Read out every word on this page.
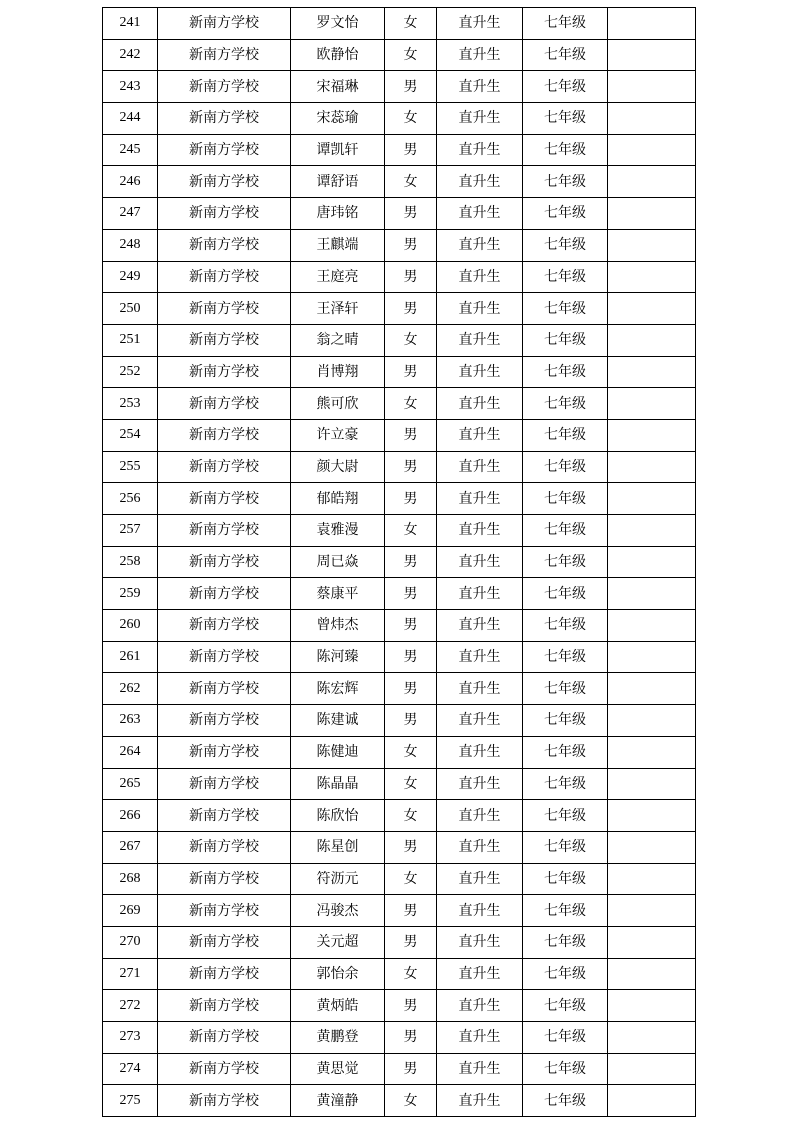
241	新南方学校	罗文怡	女	直升生	七年级	
242	新南方学校	欧静怡	女	直升生	七年级	
243	新南方学校	宋福琳	男	直升生	七年级	
244	新南方学校	宋蕊瑜	女	直升生	七年级	
245	新南方学校	谭凯轩	男	直升生	七年级	
246	新南方学校	谭舒语	女	直升生	七年级	
247	新南方学校	唐玮铭	男	直升生	七年级	
248	新南方学校	王麒端	男	直升生	七年级	
249	新南方学校	王庭亮	男	直升生	七年级	
250	新南方学校	王泽轩	男	直升生	七年级	
251	新南方学校	翁之晴	女	直升生	七年级	
252	新南方学校	肖博翔	男	直升生	七年级	
253	新南方学校	熊可欣	女	直升生	七年级	
254	新南方学校	许立豪	男	直升生	七年级	
255	新南方学校	颜大尉	男	直升生	七年级	
256	新南方学校	郁皓翔	男	直升生	七年级	
257	新南方学校	袁雅漫	女	直升生	七年级	
258	新南方学校	周已焱	男	直升生	七年级	
259	新南方学校	蔡康平	男	直升生	七年级	
260	新南方学校	曾炜杰	男	直升生	七年级	
261	新南方学校	陈河臻	男	直升生	七年级	
262	新南方学校	陈宏辉	男	直升生	七年级	
263	新南方学校	陈建诚	男	直升生	七年级	
264	新南方学校	陈健迪	女	直升生	七年级	
265	新南方学校	陈晶晶	女	直升生	七年级	
266	新南方学校	陈欣怡	女	直升生	七年级	
267	新南方学校	陈星创	男	直升生	七年级	
268	新南方学校	符沥元	女	直升生	七年级	
269	新南方学校	冯骏杰	男	直升生	七年级	
270	新南方学校	关元超	男	直升生	七年级	
271	新南方学校	郭怡余	女	直升生	七年级	
272	新南方学校	黄炳皓	男	直升生	七年级	
273	新南方学校	黄鹏登	男	直升生	七年级	
274	新南方学校	黄思觉	男	直升生	七年级	
275	新南方学校	黄潼静	女	直升生	七年级	
